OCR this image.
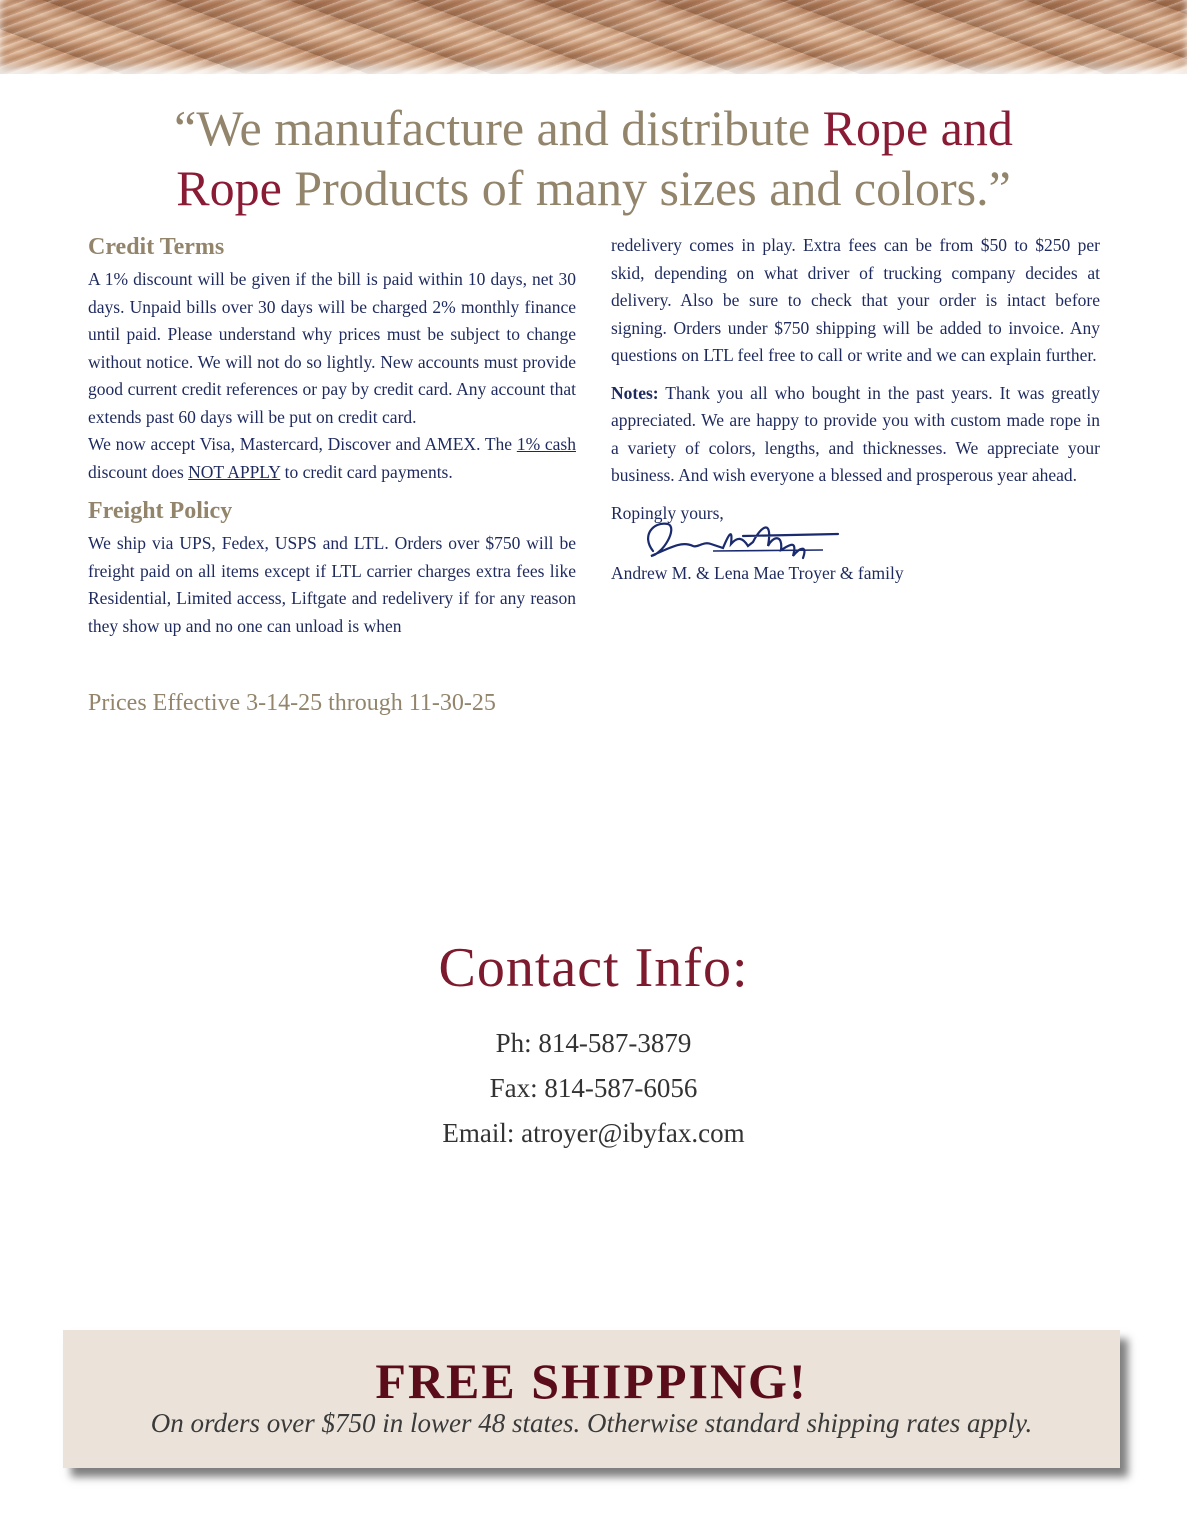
“We manufacture and distribute Rope and
Rope Products of many sizes and colors.”
Credit Terms

A 1% discount will be given if the bill is paid within 10 days, net 30 days. Unpaid bills over 30 days will be charged 2% monthly finance until paid. Please understand why prices must be subject to change without notice. We will not do so lightly. New accounts must provide good current credit references or pay by credit card. Any account that extends past 60 days will be put on credit card.

We now accept Visa, Mastercard, Discover and AMEX. The 1% cash discount does NOT APPLY to credit card payments.

Freight Policy

We ship via UPS, Fedex, USPS and LTL. Orders over $750 will be freight paid on all items except if LTL carrier charges extra fees like Residential, Limited access, Liftgate and redelivery if for any reason they show up and no one can unload is when

Prices Effective 3-14-25 through 11-30-25

redelivery comes in play. Extra fees can be from $50 to $250 per skid, depending on what driver of trucking company decides at delivery. Also be sure to check that your order is intact before signing. Orders under $750 shipping will be added to invoice. Any questions on LTL feel free to call or write and we can explain further.

Notes: Thank you all who bought in the past years. It was greatly appreciated. We are happy to provide you with custom made rope in a variety of colors, lengths, and thicknesses. We appreciate your business. And wish everyone a blessed and prosperous year ahead.

Ropingly yours,

Andrew M. & Lena Mae Troyer & family

Contact Info:
Ph: 814-587-3879
Fax: 814-587-6056
Email: atroyer@ibyfax.com
FREE SHIPPING!
On orders over $750 in lower 48 states. Otherwise standard shipping rates apply.
